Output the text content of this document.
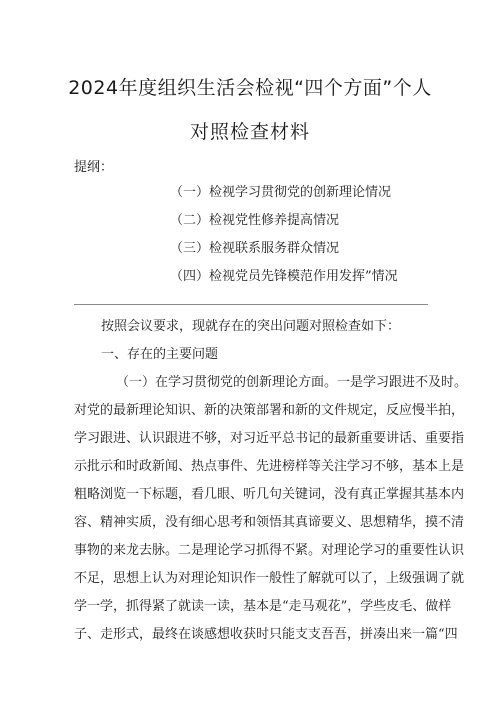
2024年度组织生活会检视“四个方面”个人
对照检查材料
提纲：
（一）检视学习贯彻党的创新理论情况
（二）检视党性修养提高情况
（三）检视联系服务群众情况
（四）检视党员先锋模范作用发挥”情况
按照会议要求，现就存在的突出问题对照检查如下：
一、存在的主要问题
（一）在学习贯彻党的创新理论方面。一是学习跟进不及时。
对党的最新理论知识、新的决策部署和新的文件规定，反应慢半拍，
学习跟进、认识跟进不够，对习近平总书记的最新重要讲话、重要指
示批示和时政新闻、热点事件、先进榜样等关注学习不够，基本上是
粗略浏览一下标题，看几眼、听几句关键词，没有真正掌握其基本内
容、精神实质，没有细心思考和领悟其真谛要义、思想精华，摸不清
事物的来龙去脉。二是理论学习抓得不紧。对理论学习的重要性认识
不足，思想上认为对理论知识作一般性了解就可以了，上级强调了就
学一学，抓得紧了就读一读，基本是“走马观花”，学些皮毛、做样
子、走形式，最终在谈感想收获时只能支支吾吾，拼凑出来一篇“四
